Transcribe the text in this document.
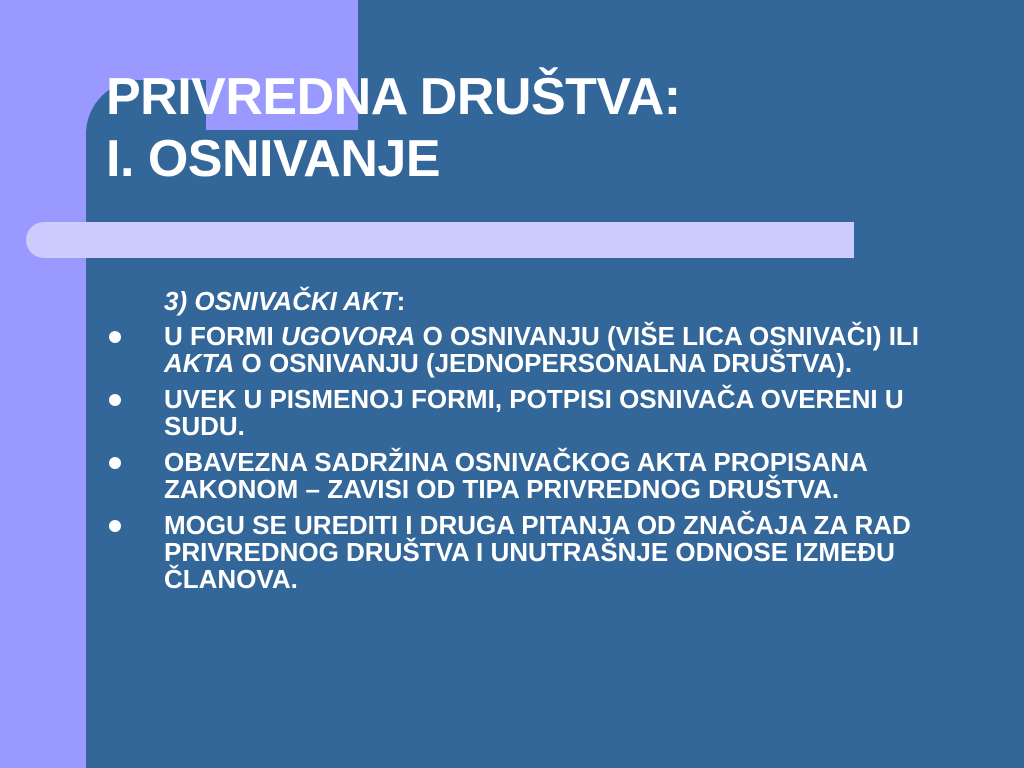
PRIVREDNA DRUŠTVA:
I. OSNIVANJE

3) OSNIVAČKI AKT:

U FORMI UGOVORA O OSNIVANJU (VIŠE LICA OSNIVAČI) ILI AKTA O OSNIVANJU (JEDNOPERSONALNA DRUŠTVA).
UVEK U PISMENOJ FORMI, POTPISI OSNIVAČA OVERENI U SUDU.
OBAVEZNA SADRŽINA OSNIVAČKOG AKTA PROPISANA ZAKONOM – ZAVISI OD TIPA PRIVREDNOG DRUŠTVA.
MOGU SE UREDITI I DRUGA PITANJA OD ZNAČAJA ZA RAD PRIVREDNOG DRUŠTVA I UNUTRAŠNJE ODNOSE IZMEĐU ČLANOVA.
